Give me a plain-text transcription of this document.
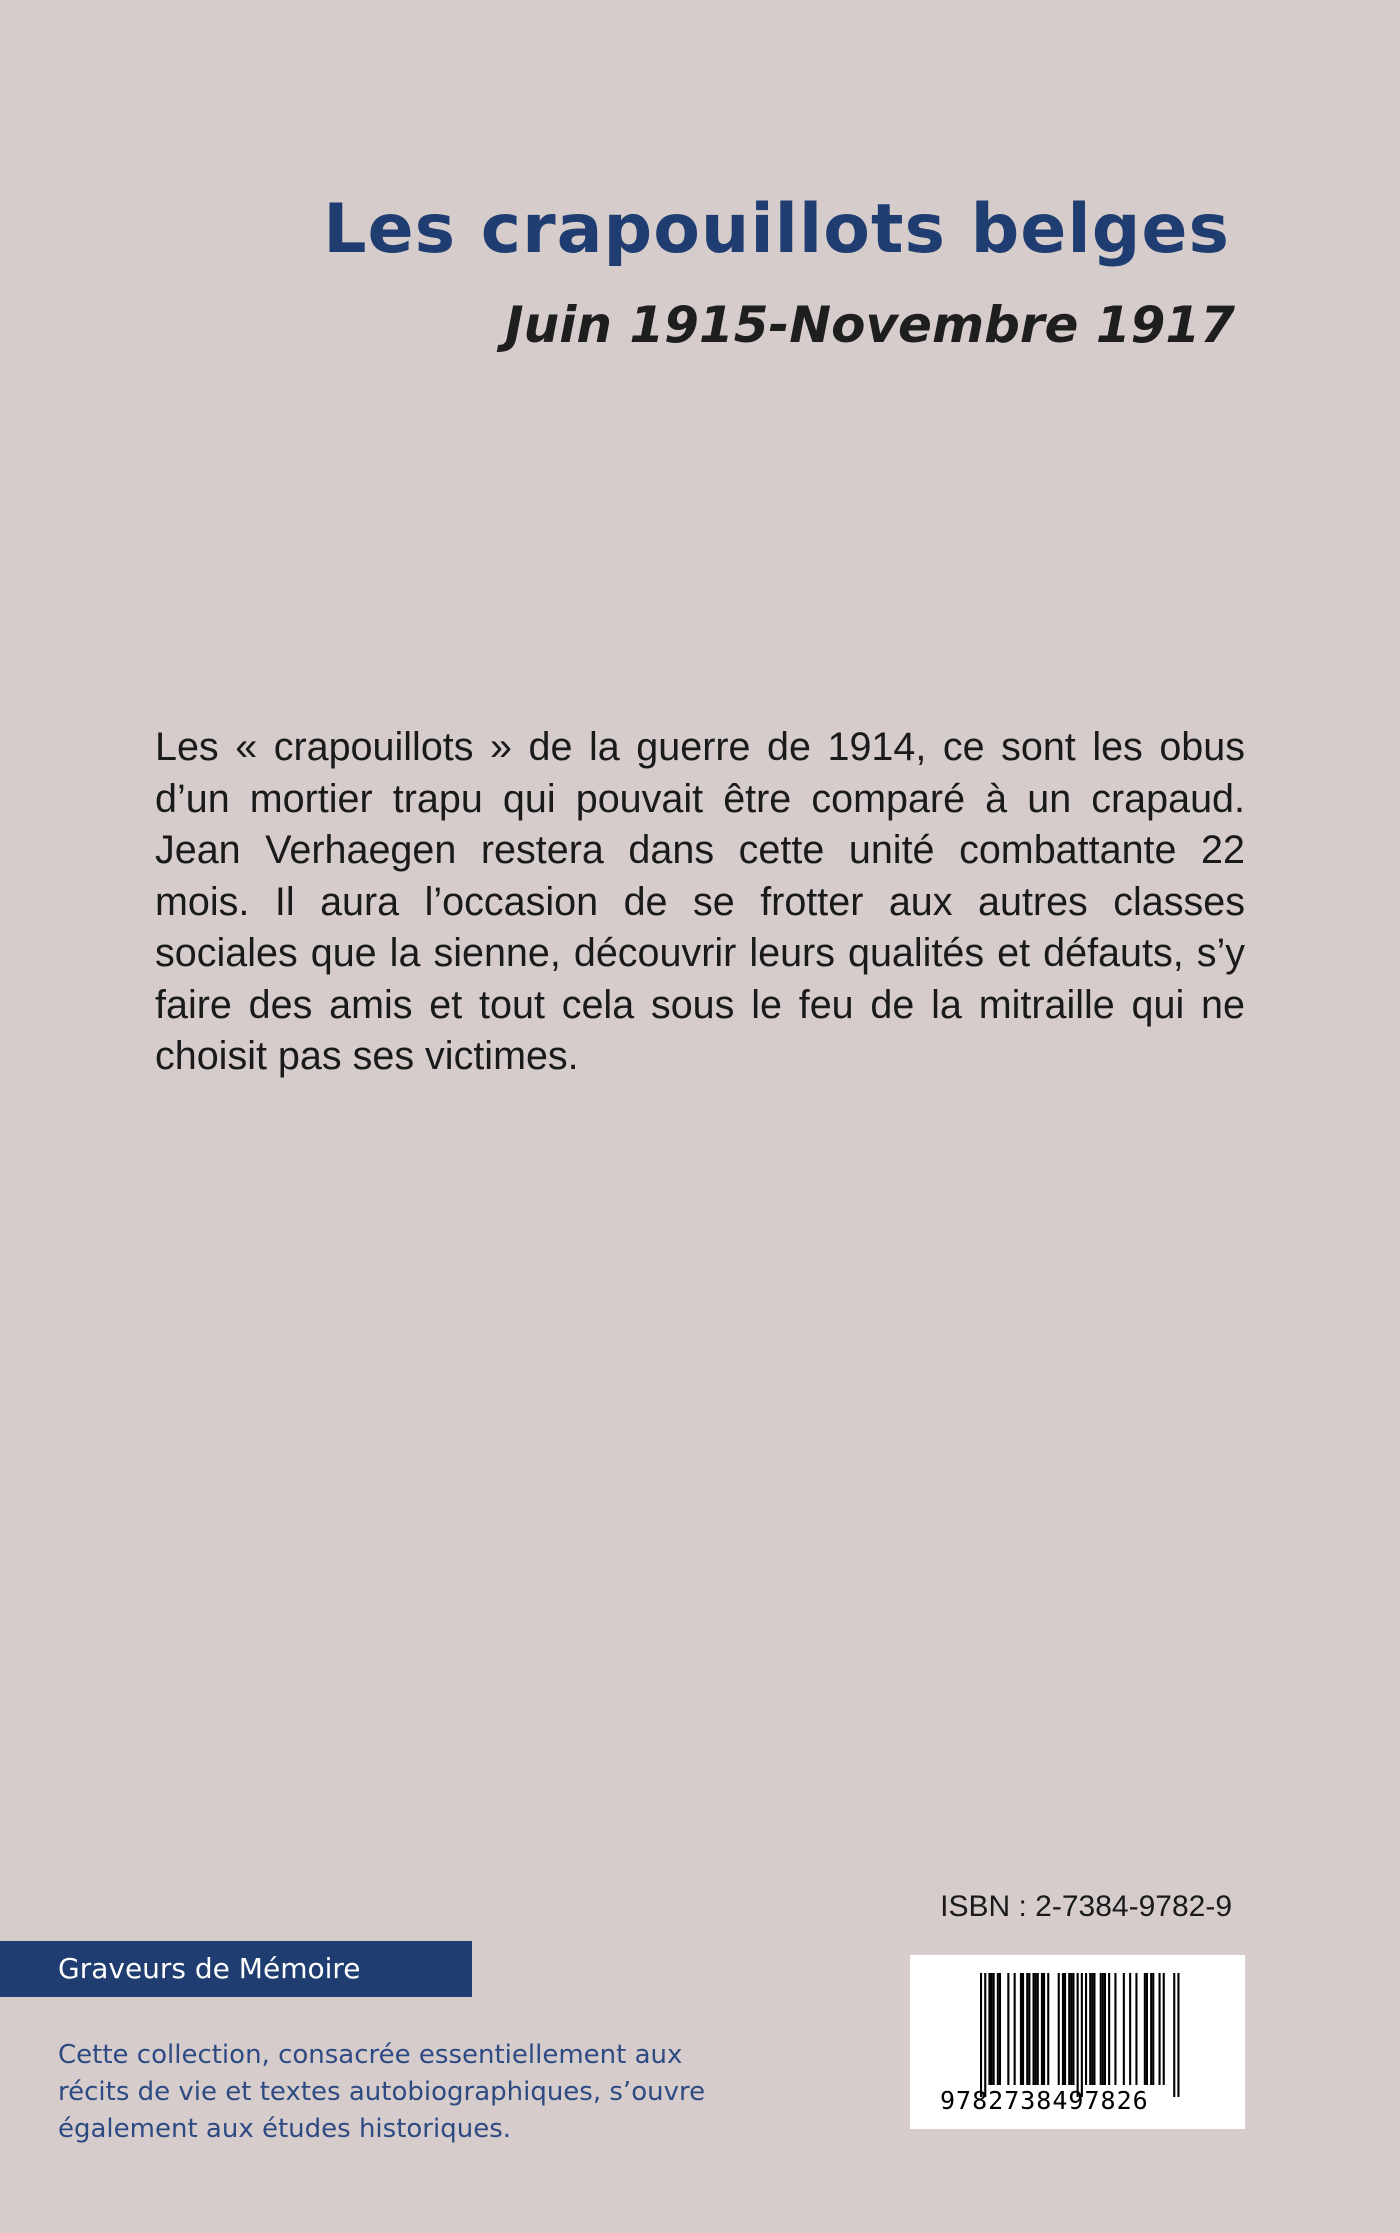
Les crapouillots belges
Juin 1915-Novembre 1917

Les « crapouillots » de la guerre de 1914, ce sont les obus d’un mortier trapu qui pouvait être comparé à un crapaud. Jean Verhaegen restera dans cette unité combattante 22 mois. Il aura l’occasion de se frotter aux autres classes sociales que la sienne, découvrir leurs qualités et défauts, s’y faire des amis et tout cela sous le feu de la mitraille qui ne choisit pas ses victimes.

ISBN : 2-7384-9782-9
Graveurs de Mémoire

Cette collection, consacrée essentiellement aux récits de vie et textes autobiographiques, s’ouvre également aux études historiques.

9782738497826
